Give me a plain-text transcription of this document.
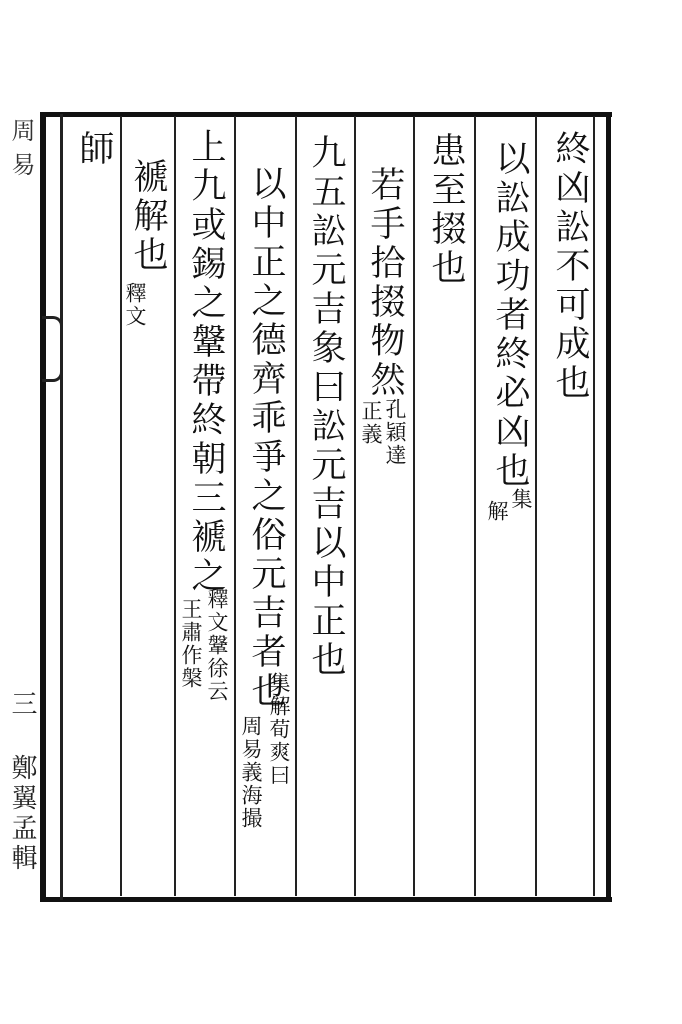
終凶訟不可成也
以訟成功者終必凶也
集
解
患至掇也
若手拾掇物然
孔穎達
正義
九五訟元吉象曰訟元吉以中正也
以中正之德齊乖爭之俗元吉者也
集解荀爽曰
周易義海撮
上九或錫之鞶帶終朝三褫之
釋文鞶徐云
王肅作槃
褫解也
釋文
師
周易
三 鄭翼孟輯
